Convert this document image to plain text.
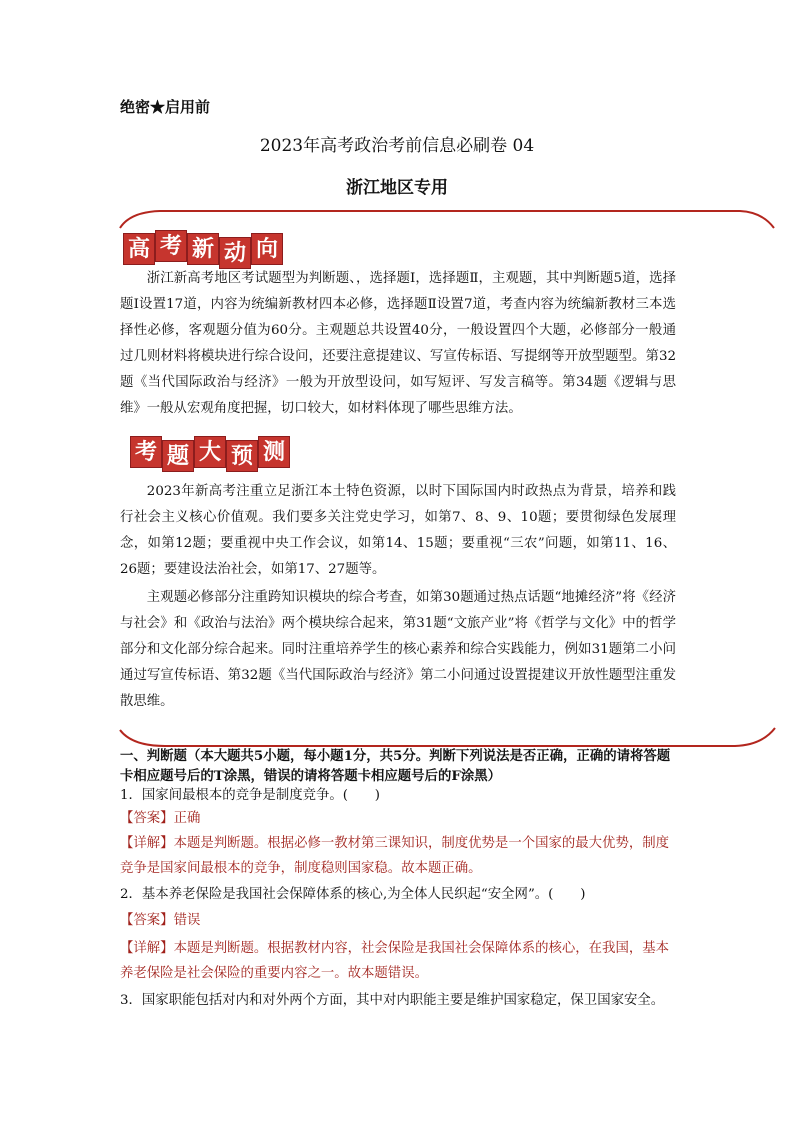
绝密★启用前
2023年高考政治考前信息必刷卷 04
浙江地区专用
高 考 新 动 向

浙江新高考地区考试题型为判断题、，选择题Ⅰ，选择题Ⅱ，主观题，其中判断题5道，选择题Ⅰ设置17道，内容为统编新教材四本必修，选择题Ⅱ设置7道，考查内容为统编新教材三本选择性必修，客观题分值为60分。主观题总共设置40分，一般设置四个大题，必修部分一般通过几则材料将模块进行综合设问，还要注意提建议、写宣传标语、写提纲等开放型题型。第32题《当代国际政治与经济》一般为开放型设问，如写短评、写发言稿等。第34题《逻辑与思维》一般从宏观角度把握，切口较大，如材料体现了哪些思维方法。

考 题 大 预 测

2023年新高考注重立足浙江本土特色资源，以时下国际国内时政热点为背景，培养和践行社会主义核心价值观。我们要多关注党史学习，如第7、8、9、10题；要贯彻绿色发展理念，如第12题；要重视中央工作会议，如第14、15题；要重视“三农”问题，如第11、16、26题；要建设法治社会，如第17、27题等。

主观题必修部分注重跨知识模块的综合考查，如第30题通过热点话题“地摊经济”将《经济与社会》和《政治与法治》两个模块综合起来，第31题“文旅产业”将《哲学与文化》中的哲学部分和文化部分综合起来。同时注重培养学生的核心素养和综合实践能力，例如31题第二小问通过写宣传标语、第32题《当代国际政治与经济》第二小问通过设置提建议开放性题型注重发散思维。

一、判断题（本大题共5小题，每小题1分，共5分。判断下列说法是否正确，正确的请将答题卡相应题号后的T涂黑，错误的请将答题卡相应题号后的F涂黑）

1．国家间最根本的竞争是制度竞争。(　　)

【答案】正确

【详解】本题是判断题。根据必修一教材第三课知识，制度优势是一个国家的最大优势，制度竞争是国家间最根本的竞争，制度稳则国家稳。故本题正确。

2．基本养老保险是我国社会保障体系的核心,为全体人民织起“安全网”。(　　)

【答案】错误

【详解】本题是判断题。根据教材内容，社会保险是我国社会保障体系的核心，在我国，基本养老保险是社会保险的重要内容之一。故本题错误。

3．国家职能包括对内和对外两个方面，其中对内职能主要是维护国家稳定，保卫国家安全。
